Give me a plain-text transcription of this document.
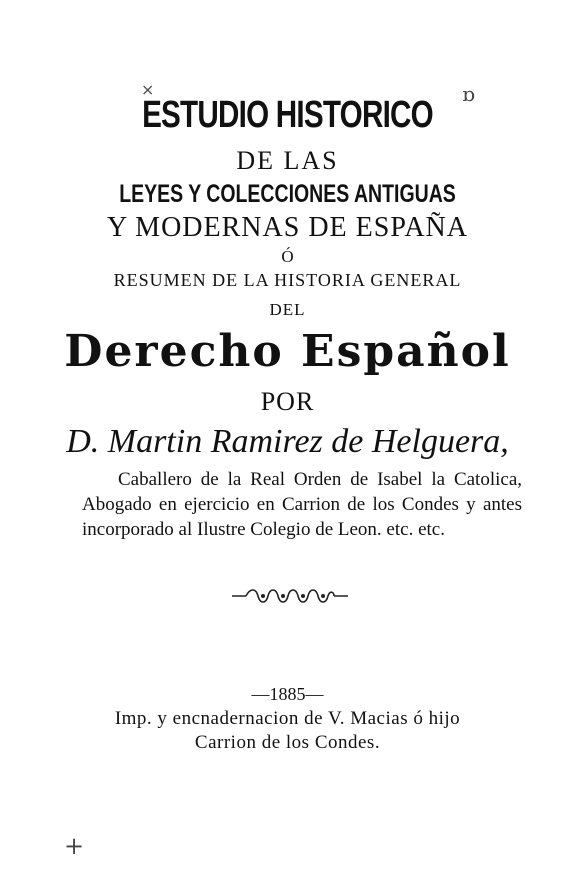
×	ɒ
ESTUDIO HISTORICO
DE LAS
LEYES Y COLECCIONES ANTIGUAS
Y MODERNAS DE ESPAÑA
Ó
RESUMEN DE LA HISTORIA GENERAL
DEL
Derecho Español
POR
D. Martin Ramirez de Helguera,
Caballero de la Real Orden de Isabel la Catolica, Abogado en ejercicio en Carrion de los Condes y antes incorporado al Ilustre Colegio de Leon. etc. etc.
—1885—
Imp. y encnadernacion de V. Macias ó hijo
Carrion de los Condes.
+
